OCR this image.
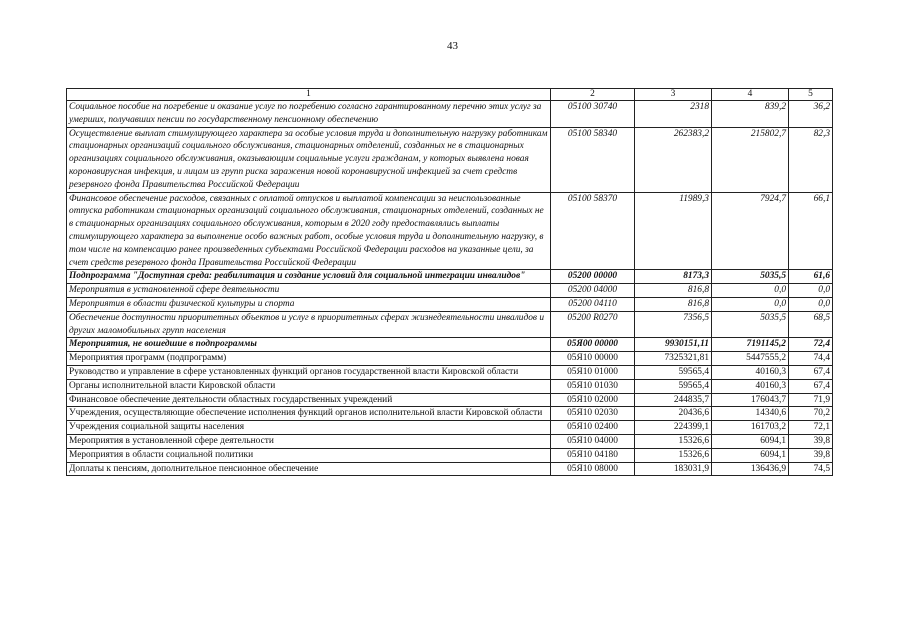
43
1	2	3	4	5
Социальное пособие на погребение и оказание услуг по погребению согласно гарантированному перечню этих услуг за умерших, получавших пенсии по государственному пенсионному обеспечению	05100 30740	2318	839,2	36,2
Осуществление выплат стимулирующего характера за особые условия труда и дополнительную нагрузку работникам стационарных организаций социального обслуживания, стационарных отделений, созданных не в стационарных организациях социального обслуживания, оказывающим социальные услуги гражданам, у которых выявлена новая коронавирусная инфекция, и лицам из групп риска заражения новой коронавирусной инфекцией за счет средств резервного фонда Правительства Российской Федерации	05100 58340	262383,2	215802,7	82,3
Финансовое обеспечение расходов, связанных с оплатой отпусков и выплатой компенсации за неиспользованные отпуска работникам стационарных организаций социального обслуживания, стационарных отделений, созданных не в стационарных организациях социального обслуживания, которым в 2020 году предоставлялись выплаты стимулирующего характера за выполнение особо важных работ, особые условия труда и дополнительную нагрузку, в том числе на компенсацию ранее произведенных субъектами Российской Федерации расходов на указанные цели, за счет средств резервного фонда Правительства Российской Федерации	05100 58370	11989,3	7924,7	66,1
Подпрограмма "Доступная среда: реабилитация и создание условий для социальной интеграции инвалидов"	05200 00000	8173,3	5035,5	61,6
Мероприятия в установленной сфере деятельности	05200 04000	816,8	0,0	0,0
Мероприятия в области физической культуры и спорта	05200 04110	816,8	0,0	0,0
Обеспечение доступности приоритетных объектов и услуг в приоритетных сферах жизнедеятельности инвалидов и других маломобильных групп населения	05200 R0270	7356,5	5035,5	68,5
Мероприятия, не вошедшие в подпрограммы	05Я00 00000	9930151,11	7191145,2	72,4
Мероприятия программ (подпрограмм)	05Я10 00000	7325321,81	5447555,2	74,4
Руководство и управление в сфере установленных функций органов государственной власти Кировской области	05Я10 01000	59565,4	40160,3	67,4
Органы исполнительной власти Кировской области	05Я10 01030	59565,4	40160,3	67,4
Финансовое обеспечение деятельности областных государственных учреждений	05Я10 02000	244835,7	176043,7	71,9
Учреждения, осуществляющие обеспечение исполнения функций органов исполнительной власти Кировской области	05Я10 02030	20436,6	14340,6	70,2
Учреждения социальной защиты населения	05Я10 02400	224399,1	161703,2	72,1
Мероприятия в установленной сфере деятельности	05Я10 04000	15326,6	6094,1	39,8
Мероприятия в области социальной политики	05Я10 04180	15326,6	6094,1	39,8
Доплаты к пенсиям, дополнительное пенсионное обеспечение	05Я10 08000	183031,9	136436,9	74,5
